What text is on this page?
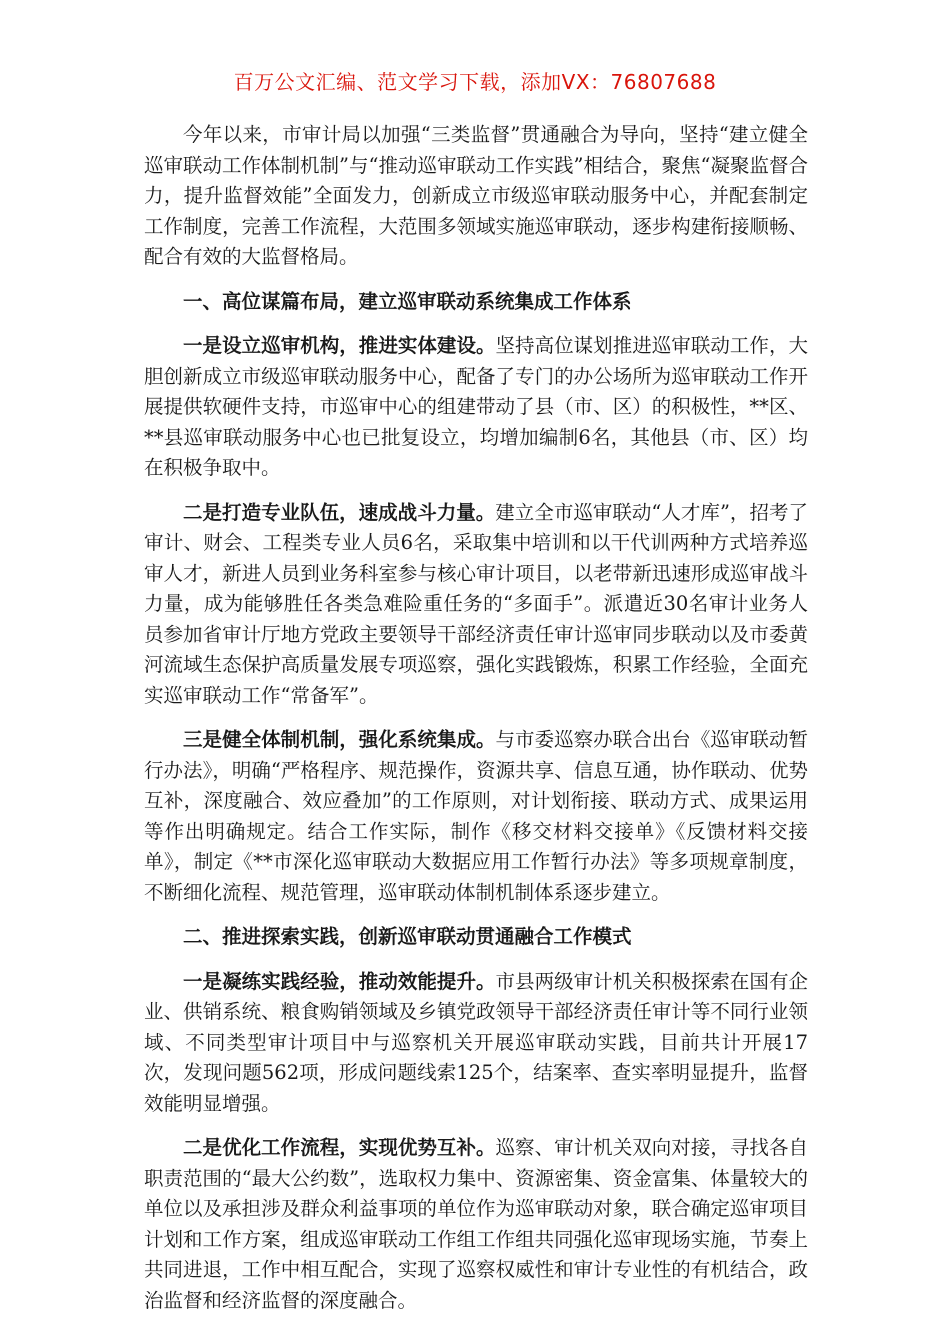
百万公文汇编、范文学习下载，添加VX：76807688

今年以来，市审计局以加强“三类监督”贯通融合为导向，坚持“建立健全巡审联动工作体制机制”与“推动巡审联动工作实践”相结合，聚焦“凝聚监督合力，提升监督效能”全面发力，创新成立市级巡审联动服务中心，并配套制定工作制度，完善工作流程，大范围多领域实施巡审联动，逐步构建衔接顺畅、配合有效的大监督格局。

一、高位谋篇布局，建立巡审联动系统集成工作体系

一是设立巡审机构，推进实体建设。坚持高位谋划推进巡审联动工作，大胆创新成立市级巡审联动服务中心，配备了专门的办公场所为巡审联动工作开展提供软硬件支持，市巡审中心的组建带动了县（市、区）的积极性，**区、**县巡审联动服务中心也已批复设立，均增加编制6名，其他县（市、区）均在积极争取中。

二是打造专业队伍，速成战斗力量。建立全市巡审联动“人才库”，招考了审计、财会、工程类专业人员6名，采取集中培训和以干代训两种方式培养巡审人才，新进人员到业务科室参与核心审计项目，以老带新迅速形成巡审战斗力量，成为能够胜任各类急难险重任务的“多面手”。派遣近30名审计业务人员参加省审计厅地方党政主要领导干部经济责任审计巡审同步联动以及市委黄河流域生态保护高质量发展专项巡察，强化实践锻炼，积累工作经验，全面充实巡审联动工作“常备军”。

三是健全体制机制，强化系统集成。与市委巡察办联合出台《巡审联动暂行办法》，明确“严格程序、规范操作，资源共享、信息互通，协作联动、优势互补，深度融合、效应叠加”的工作原则，对计划衔接、联动方式、成果运用等作出明确规定。结合工作实际，制作《移交材料交接单》《反馈材料交接单》，制定《**市深化巡审联动大数据应用工作暂行办法》等多项规章制度，不断细化流程、规范管理，巡审联动体制机制体系逐步建立。

二、推进探索实践，创新巡审联动贯通融合工作模式

一是凝练实践经验，推动效能提升。市县两级审计机关积极探索在国有企业、供销系统、粮食购销领域及乡镇党政领导干部经济责任审计等不同行业领域、不同类型审计项目中与巡察机关开展巡审联动实践，目前共计开展17次，发现问题562项，形成问题线索125个，结案率、查实率明显提升，监督效能明显增强。

二是优化工作流程，实现优势互补。巡察、审计机关双向对接，寻找各自职责范围的“最大公约数”，选取权力集中、资源密集、资金富集、体量较大的单位以及承担涉及群众利益事项的单位作为巡审联动对象，联合确定巡审项目计划和工作方案，组成巡审联动工作组工作组共同强化巡审现场实施，节奏上共同进退，工作中相互配合，实现了巡察权威性和审计专业性的有机结合，政治监督和经济监督的深度融合。
